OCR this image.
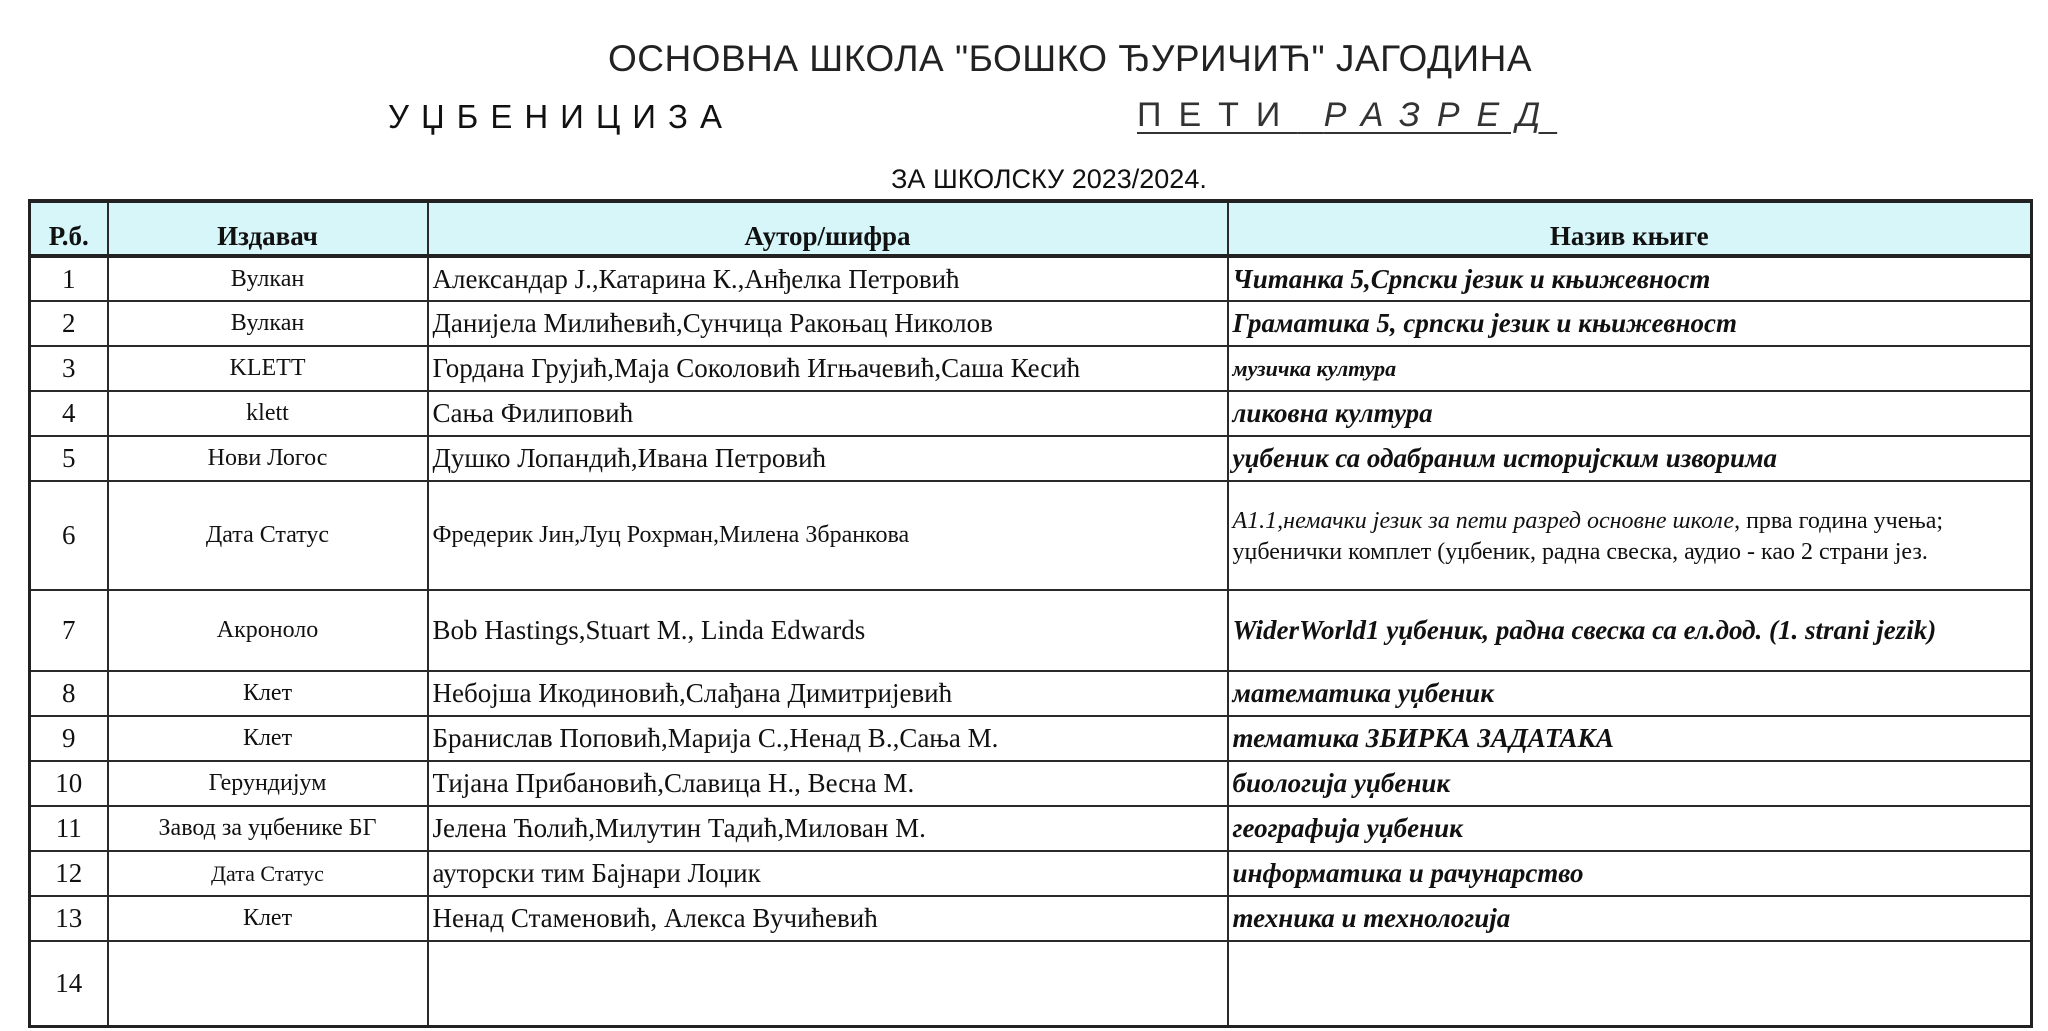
ОСНОВНА ШКОЛА "БОШКО ЂУРИЧИЋ" ЈАГОДИНА
УЏБЕНИЦИЗА	ПЕТИ РАЗРЕД
ЗА ШКОЛСКУ 2023/2024.
Р.б.	Издавач	Аутор/шифра	Назив књиге
1	Вулкан	Александар Ј.,Катарина К.,Анђелка Петровић	Читанка 5,Српски језик и књижевност
2	Вулкан	Данијела Милићевић,Сунчица Ракоњац Николов	Граматика 5, српски језик и књижевност
3	KLETT	Гордана Грујић,Маја Соколовић Игњачевић,Саша Кесић	музичка култура
4	klett	Сања Филиповић	ликовна култура
5	Нови Логос	Душко Лопандић,Ивана Петровић	уџбеник са одабраним историјским изворима
6	Дата Статус	Фредерик Јин,Луц Рохрман,Милена Збранкова	А1.1,немачки језик за пети разред основне школе, прва година учења; уџбенички комплет (уџбеник, радна свеска, аудио - као 2 страни јез.
7	Акроноло	Bob Hastings,Stuart M., Linda Edwards	WiderWorld1 уџбеник, радна свеска са ел.дод. (1. strani jezik)
8	Клет	Небојша Икодиновић,Слађана Димитријевић	математика уџбеник
9	Клет	Бранислав Поповић,Марија С.,Ненад В.,Сања М.	тематика ЗБИРКА ЗАДАТАКА
10	Герундијум	Тијана Прибановић,Славица Н., Весна М.	биологија уџбеник
11	Завод за уџбенике БГ	Јелена Ћолић,Милутин Тадић,Милован М.	географија уџбеник
12	Дата Статус	ауторски тим Бајнари Лоџик	информатика и рачунарство
13	Клет	Ненад Стаменовић, Алекса Вучићевић	техника и технологија
14			
